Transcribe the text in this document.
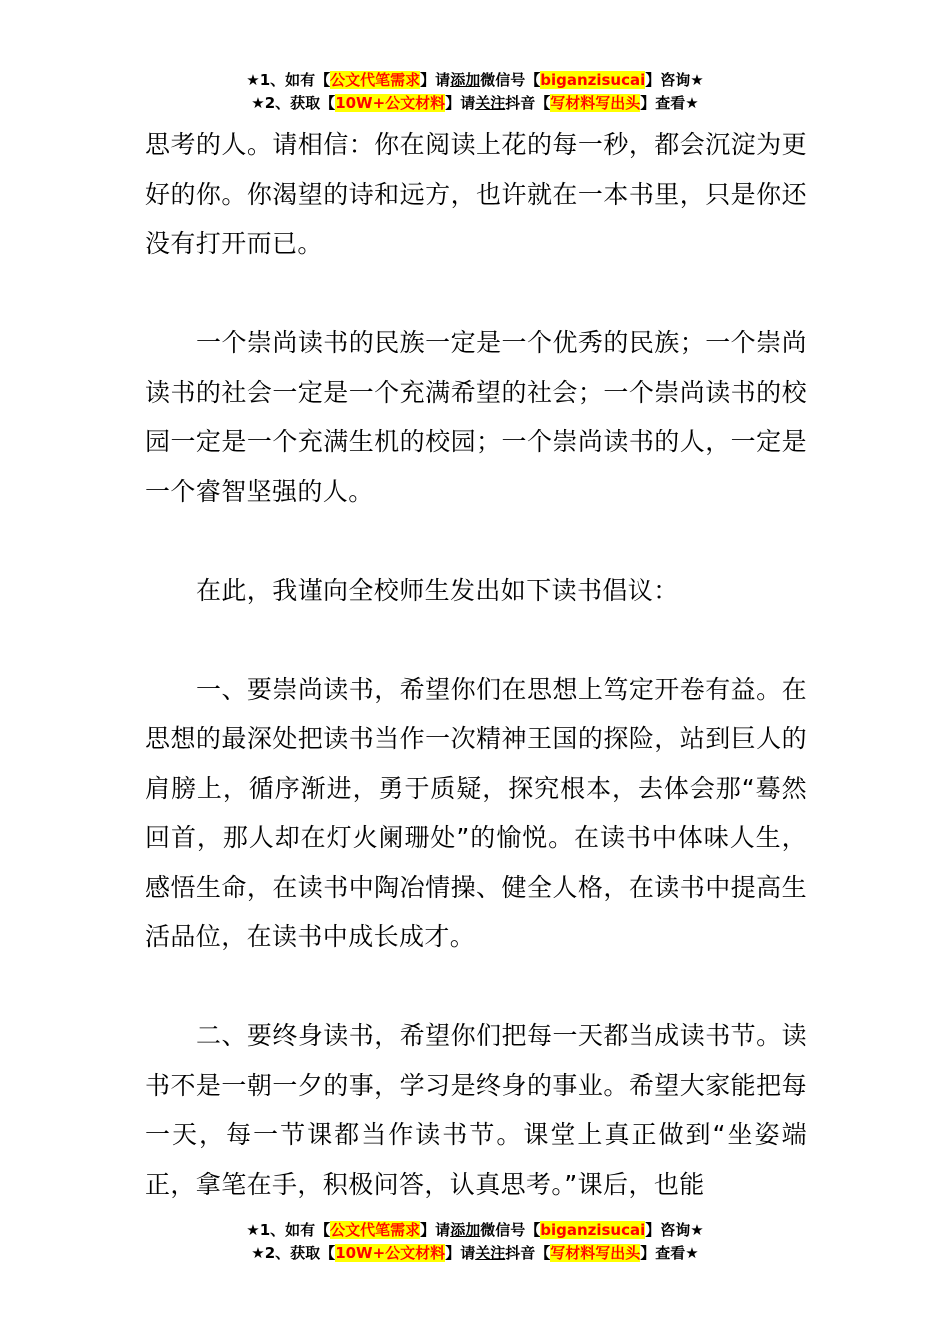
★1、如有【公文代笔需求】请添加微信号【biganzisucai】咨询★
★2、获取【10W+公文材料】请关注抖音【写材料写出头】查看★

思考的人。请相信：你在阅读上花的每一秒，都会沉淀为更好的你。你渴望的诗和远方，也许就在一本书里，只是你还没有打开而已。

一个崇尚读书的民族一定是一个优秀的民族；一个崇尚读书的社会一定是一个充满希望的社会；一个崇尚读书的校园一定是一个充满生机的校园；一个崇尚读书的人，一定是一个睿智坚强的人。

在此，我谨向全校师生发出如下读书倡议：

一、要崇尚读书，希望你们在思想上笃定开卷有益。在思想的最深处把读书当作一次精神王国的探险，站到巨人的肩膀上，循序渐进，勇于质疑，探究根本，去体会那“蓦然回首，那人却在灯火阑珊处”的愉悦。在读书中体味人生，感悟生命，在读书中陶冶情操、健全人格，在读书中提高生活品位，在读书中成长成才。

二、要终身读书，希望你们把每一天都当成读书节。读书不是一朝一夕的事，学习是终身的事业。希望大家能把每一天，每一节课都当作读书节。课堂上真正做到“坐姿端正，拿笔在手，积极问答，认真思考。”课后，也能

★1、如有【公文代笔需求】请添加微信号【biganzisucai】咨询★
★2、获取【10W+公文材料】请关注抖音【写材料写出头】查看★
